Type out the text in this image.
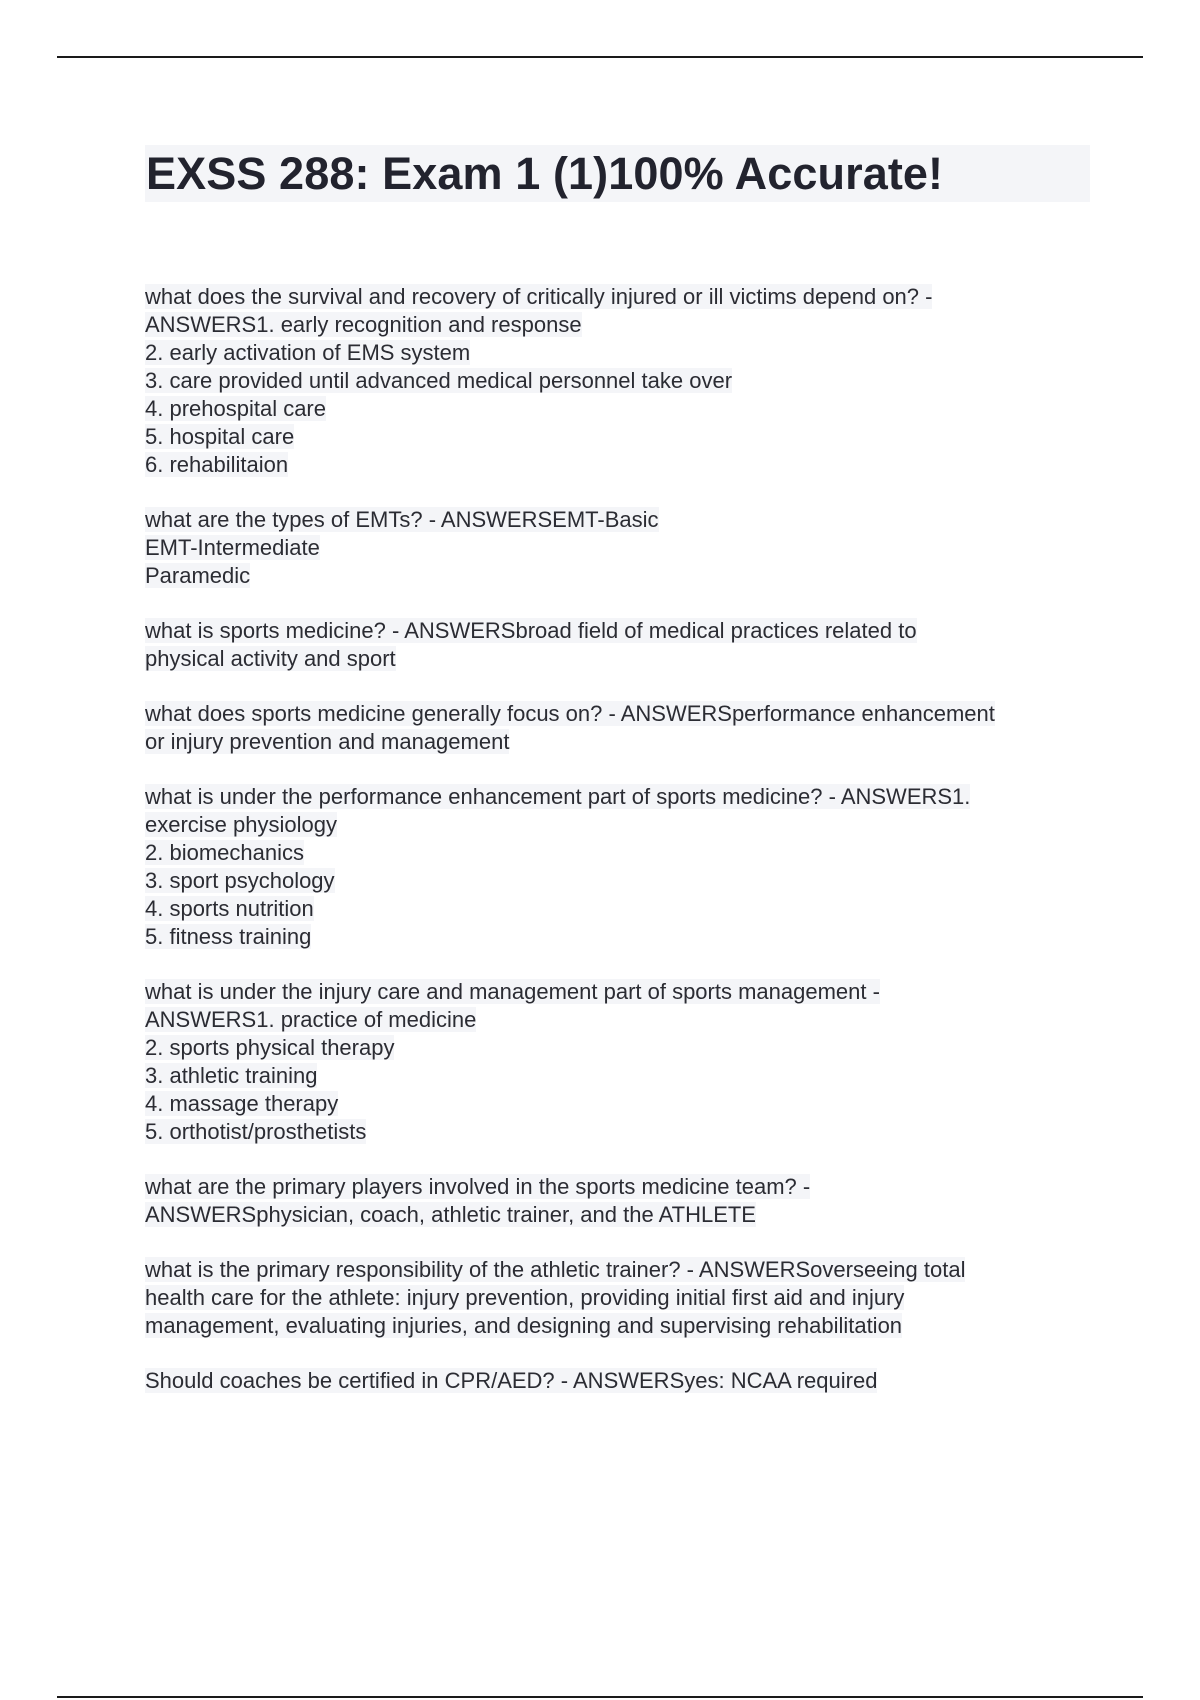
EXSS 288: Exam 1 (1)100% Accurate!
what does the survival and recovery of critically injured or ill victims depend on? -
ANSWERS1. early recognition and response
2. early activation of EMS system
3. care provided until advanced medical personnel take over
4. prehospital care
5. hospital care
6. rehabilitaion
what are the types of EMTs? - ANSWERSEMT-Basic
EMT-Intermediate
Paramedic
what is sports medicine? - ANSWERSbroad field of medical practices related to
physical activity and sport
what does sports medicine generally focus on? - ANSWERSperformance enhancement
or injury prevention and management
what is under the performance enhancement part of sports medicine? - ANSWERS1.
exercise physiology
2. biomechanics
3. sport psychology
4. sports nutrition
5. fitness training
what is under the injury care and management part of sports management -
ANSWERS1. practice of medicine
2. sports physical therapy
3. athletic training
4. massage therapy
5. orthotist/prosthetists
what are the primary players involved in the sports medicine team? -
ANSWERSphysician, coach, athletic trainer, and the ATHLETE
what is the primary responsibility of the athletic trainer? - ANSWERSoverseeing total
health care for the athlete: injury prevention, providing initial first aid and injury
management, evaluating injuries, and designing and supervising rehabilitation
Should coaches be certified in CPR/AED? - ANSWERSyes: NCAA required
